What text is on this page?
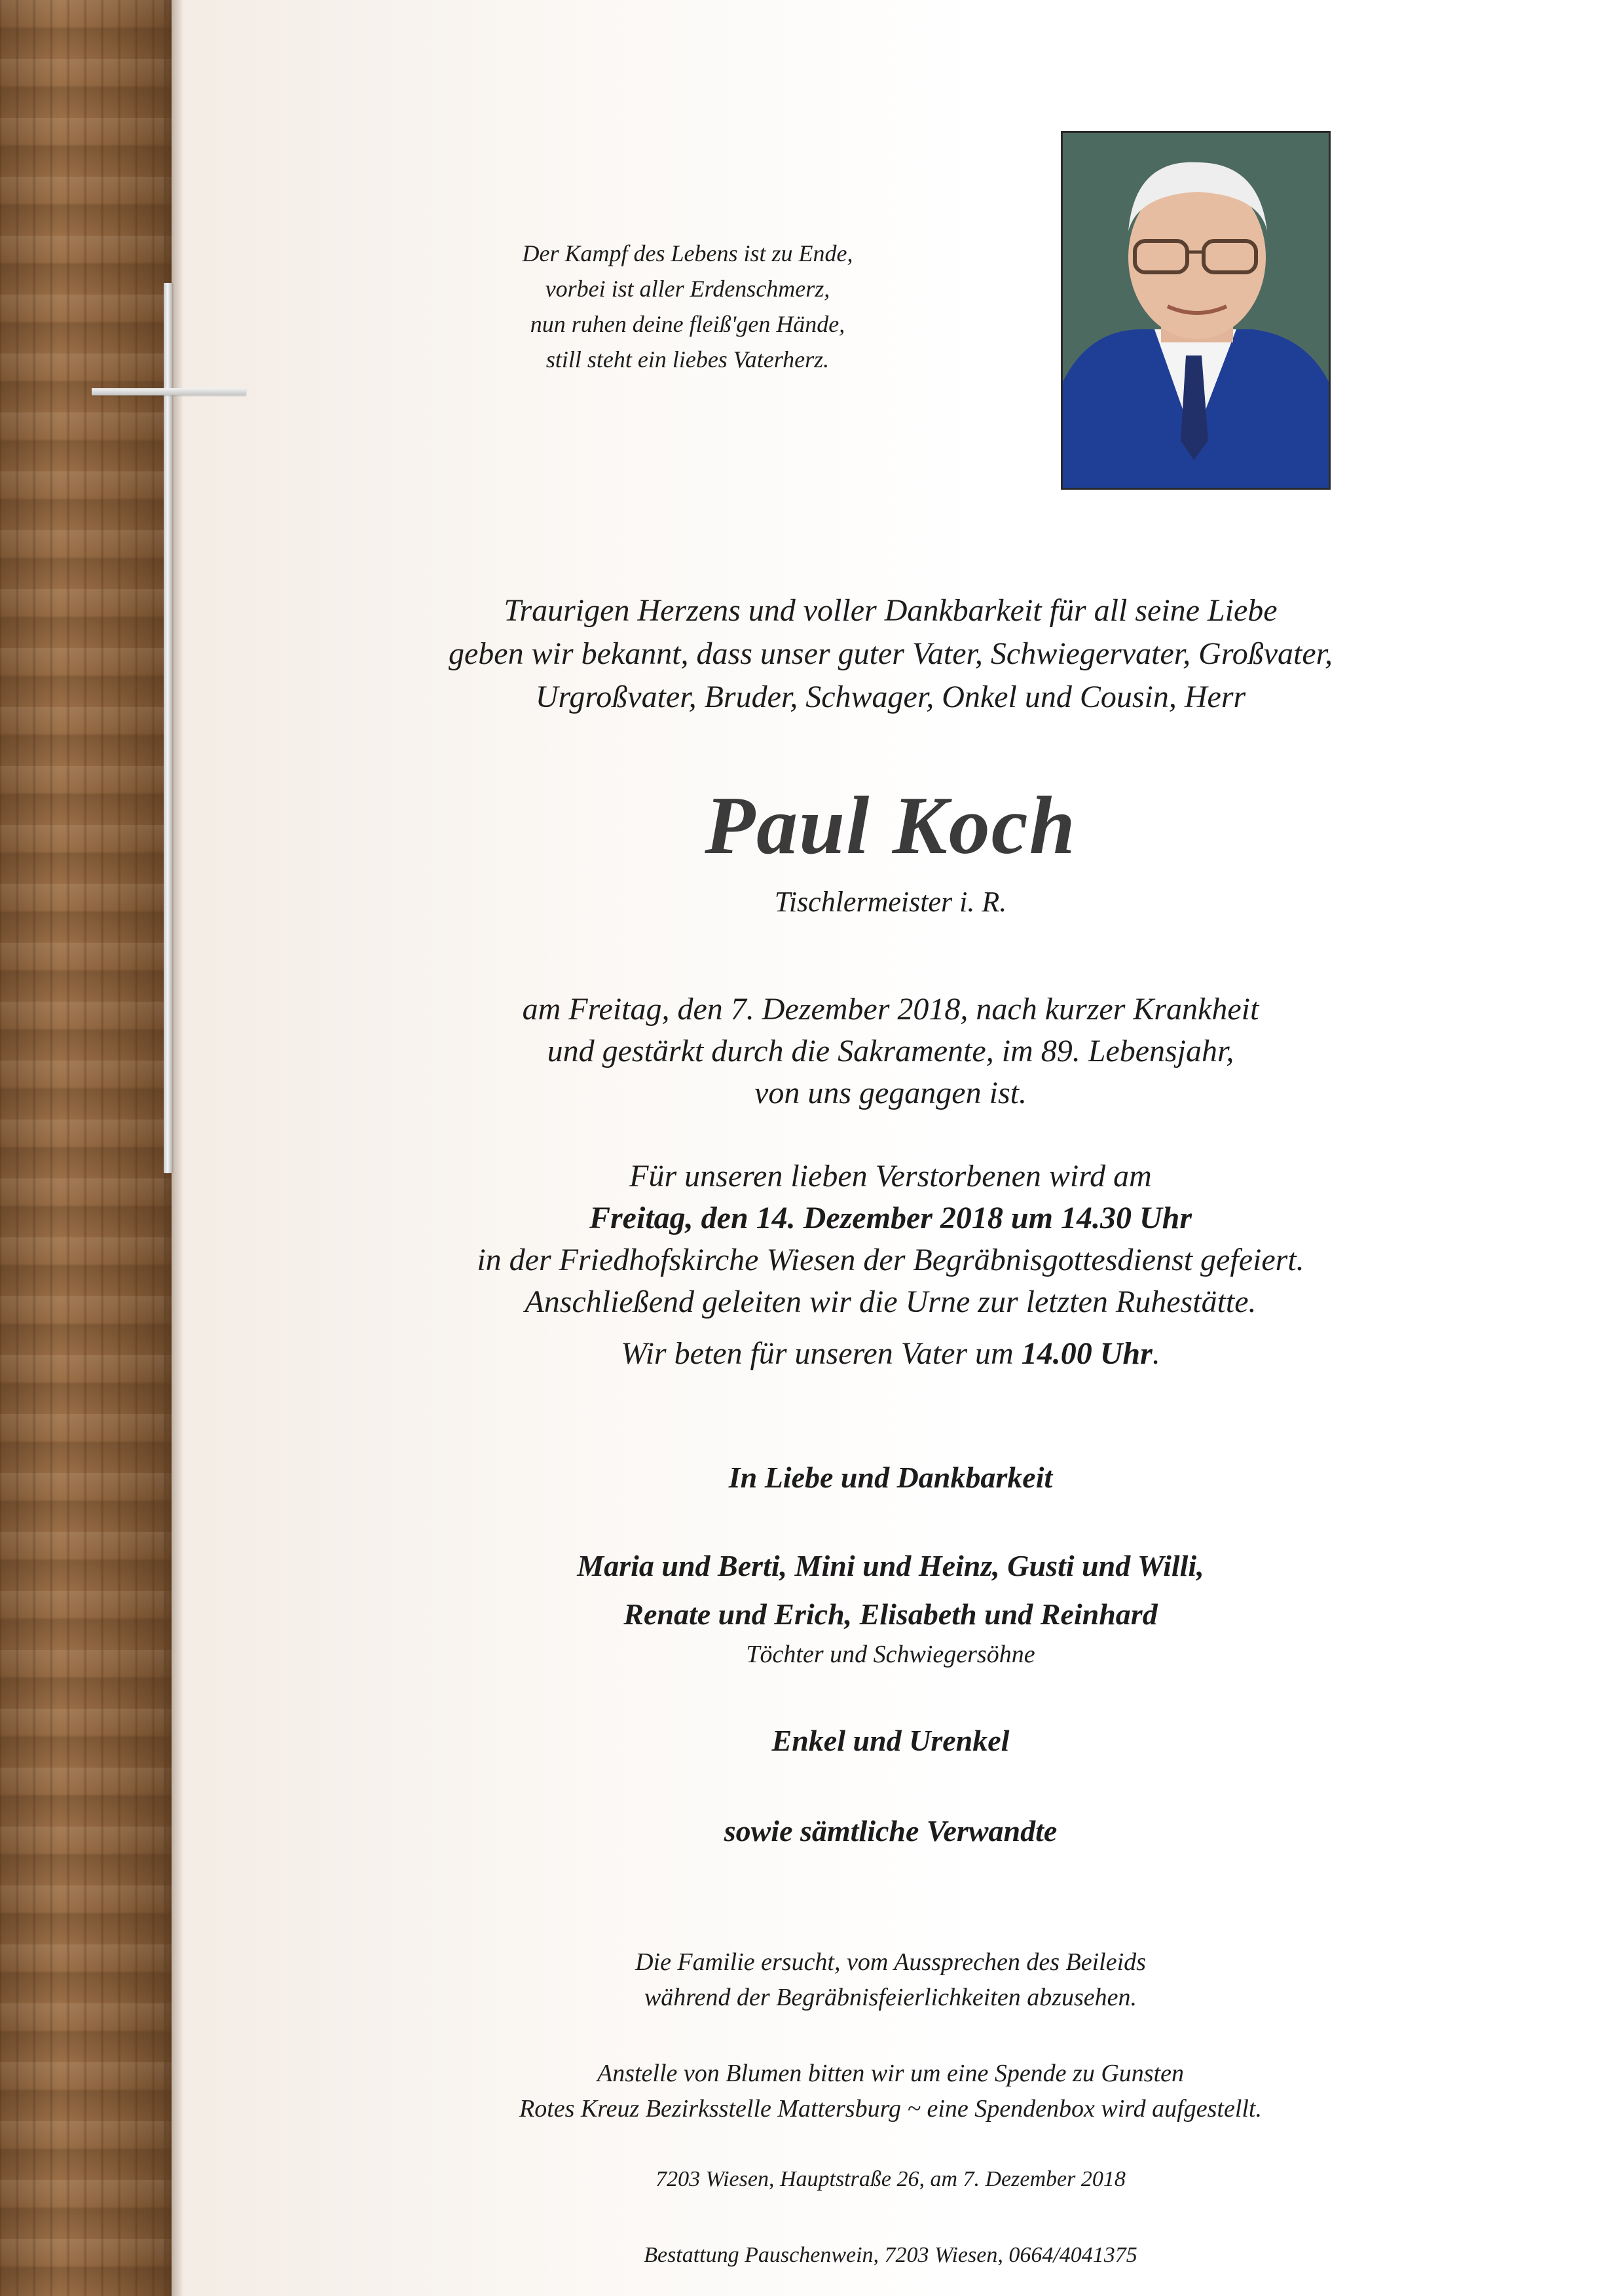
Der Kampf des Lebens ist zu Ende,
vorbei ist aller Erdenschmerz,
nun ruhen deine fleiß'gen Hände,
still steht ein liebes Vaterherz.
Traurigen Herzens und voller Dankbarkeit für all seine Liebe
geben wir bekannt, dass unser guter Vater, Schwiegervater, Großvater,
Urgroßvater, Bruder, Schwager, Onkel und Cousin, Herr
Paul Koch
Tischlermeister i. R.
am Freitag, den 7. Dezember 2018, nach kurzer Krankheit
und gestärkt durch die Sakramente, im 89. Lebensjahr,
von uns gegangen ist.
Für unseren lieben Verstorbenen wird am
Freitag, den 14. Dezember 2018 um 14.30 Uhr
in der Friedhofskirche Wiesen der Begräbnisgottesdienst gefeiert.
Anschließend geleiten wir die Urne zur letzten Ruhestätte.
Wir beten für unseren Vater um 14.00 Uhr.
In Liebe und Dankbarkeit
Maria und Berti, Mini und Heinz, Gusti und Willi,
Renate und Erich, Elisabeth und Reinhard
Töchter und Schwiegersöhne
Enkel und Urenkel
sowie sämtliche Verwandte
Die Familie ersucht, vom Aussprechen des Beileids
während der Begräbnisfeierlichkeiten abzusehen.
Anstelle von Blumen bitten wir um eine Spende zu Gunsten
Rotes Kreuz Bezirksstelle Mattersburg ~ eine Spendenbox wird aufgestellt.
7203 Wiesen, Hauptstraße 26, am 7. Dezember 2018
Bestattung Pauschenwein, 7203 Wiesen, 0664/4041375
